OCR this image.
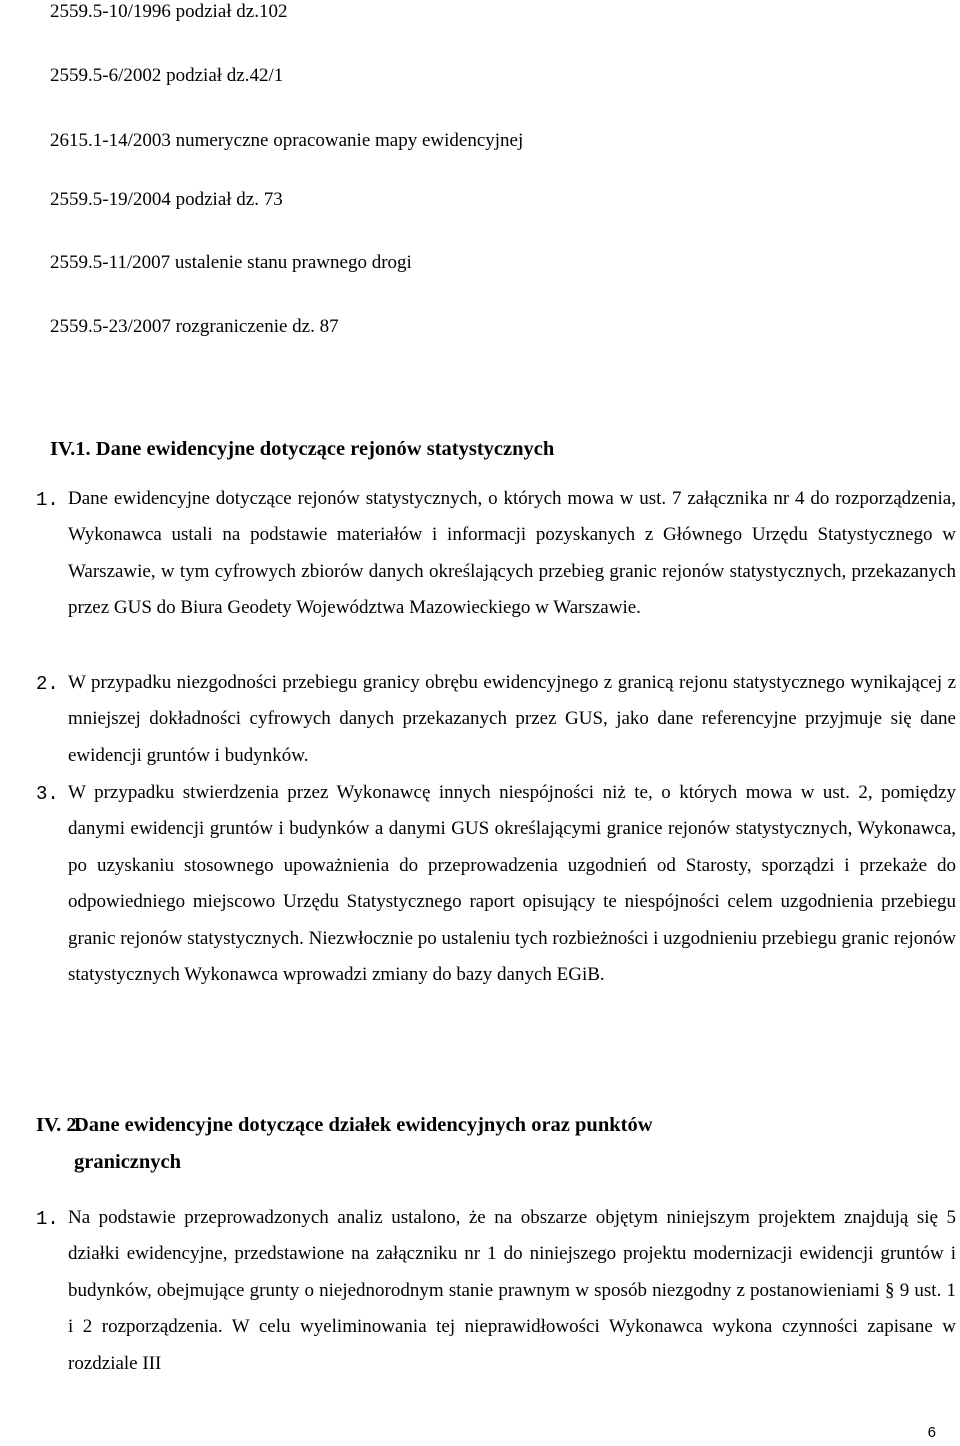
2559.5-10/1996 podział dz.102
2559.5-6/2002 podział dz.42/1
2615.1-14/2003 numeryczne opracowanie mapy ewidencyjnej
2559.5-19/2004 podział dz. 73
2559.5-11/2007 ustalenie stanu prawnego drogi
2559.5-23/2007 rozgraniczenie dz. 87
IV.1. Dane ewidencyjne dotyczące rejonów statystycznych
1. Dane ewidencyjne dotyczące rejonów statystycznych, o których mowa w ust. 7 załącznika nr 4 do rozporządzenia, Wykonawca ustali na podstawie materiałów i informacji pozyskanych z Głównego Urzędu Statystycznego w Warszawie, w tym cyfrowych zbiorów danych określających przebieg granic rejonów statystycznych, przekazanych przez GUS do Biura Geodety Województwa Mazowieckiego w Warszawie.

2. W przypadku niezgodności przebiegu granicy obrębu ewidencyjnego z granicą rejonu statystycznego wynikającej z mniejszej dokładności cyfrowych danych przekazanych przez GUS, jako dane referencyjne przyjmuje się dane ewidencji gruntów i budynków.

3. W przypadku stwierdzenia przez Wykonawcę innych niespójności niż te, o których mowa w ust. 2, pomiędzy danymi ewidencji gruntów i budynków a danymi GUS określającymi granice rejonów statystycznych, Wykonawca, po uzyskaniu stosownego upoważnienia do przeprowadzenia uzgodnień od Starosty, sporządzi i przekaże do odpowiedniego miejscowo Urzędu Statystycznego raport opisujący te niespójności celem uzgodnienia przebiegu granic rejonów statystycznych. Niezwłocznie po ustaleniu tych rozbieżności i uzgodnieniu przebiegu granic rejonów statystycznych Wykonawca wprowadzi zmiany do bazy danych EGiB.

IV. 2.
Dane ewidencyjne dotyczące działek ewidencyjnych oraz punktów
granicznych
1. Na podstawie przeprowadzonych analiz ustalono, że na obszarze objętym niniejszym projektem znajdują się 5 działki ewidencyjne, przedstawione na załączniku nr 1 do niniejszego projektu modernizacji ewidencji gruntów i budynków, obejmujące grunty o niejednorodnym stanie prawnym w sposób niezgodny z postanowieniami § 9 ust. 1 i 2 rozporządzenia. W celu wyeliminowania tej nieprawidłowości Wykonawca wykona czynności zapisane w rozdziale III

6
